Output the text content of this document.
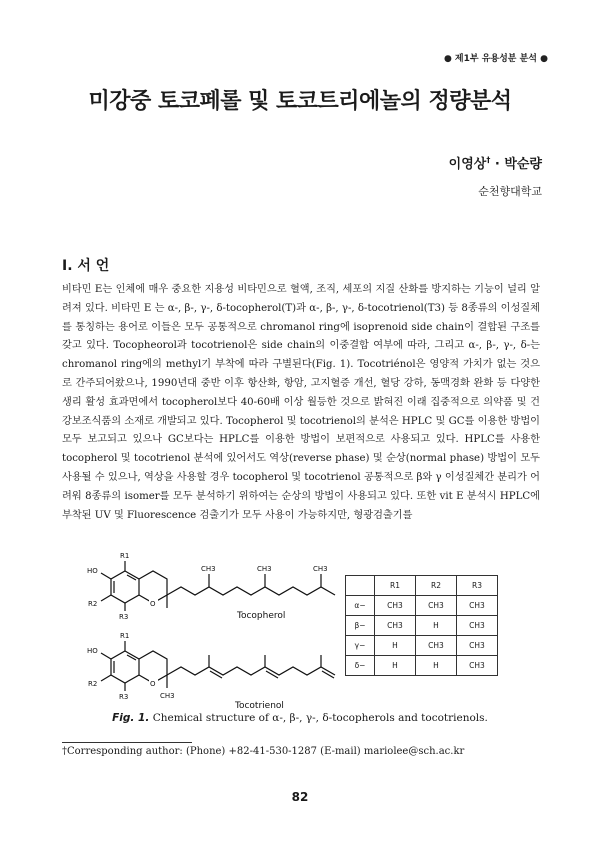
● 제1부 유용성분 분석 ●
미강중 토코페롤 및 토코트리에놀의 정량분석
이영상† · 박순량
순천향대학교
I. 서 언

비타민 E는 인체에 매우 중요한 지용성 비타민으로 혈액, 조직, 세포의 지질 산화를 방지하는 기능이 널리 알려져 있다. 비타민 E 는 α-, β-, γ-, δ-tocopherol(T)과 α-, β-, γ-, δ-tocotrienol(T3) 등 8종류의 이성질체를 통칭하는 용어로 이들은 모두 공통적으로 chromanol ring에 isoprenoid side chain이 결합된 구조를 갖고 있다. Tocopheorol과 tocotrienol은 side chain의 이중결합 여부에 따라, 그리고 α-, β-, γ-, δ-는 chromanol ring에의 methyl기 부착에 따라 구별된다(Fig. 1). Tocotriénol은 영양적 가치가 없는 것으로 간주되어왔으나, 1990년대 중반 이후 항산화, 항암, 고지혈증 개선, 혈당 강하, 동맥경화 완화 등 다양한 생리 활성 효과면에서 tocopherol보다 40-60배 이상 월등한 것으로 밝혀진 이래 집중적으로 의약품 및 건강보조식품의 소재로 개발되고 있다. Tocopherol 및 tocotrienol의 분석은 HPLC 및 GC를 이용한 방법이 모두 보고되고 있으나 GC보다는 HPLC를 이용한 방법이 보편적으로 사용되고 있다. HPLC를 사용한 tocopherol 및 tocotrienol 분석에 있어서도 역상(reverse phase) 및 순상(normal phase) 방법이 모두 사용될 수 있으나, 역상을 사용할 경우 tocopherol 및 tocotrienol 공통적으로 β와 γ 이성질체간 분리가 어려워 8종류의 isomer를 모두 분석하기 위하여는 순상의 방법이 사용되고 있다. 또한 vit E 분석시 HPLC에 부착된 UV 및 Fluorescence 검출기가 모두 사용이 가능하지만, 형광검출기를

R1
HO
R2
R3
O
CH3	CH3	CH3
Tocopherol
R1
HO
R2
R3
O
CH3
Tocotrienol
	R1	R2	R3
α−	CH3	CH3	CH3
β−	CH3	H	CH3
γ−	H	CH3	CH3
δ−	H	H	CH3
Fig. 1. Chemical structure of α-, β-, γ-, δ-tocopherols and tocotrienols.
†Corresponding author: (Phone) +82-41-530-1287 (E-mail) mariolee@sch.ac.kr
82
